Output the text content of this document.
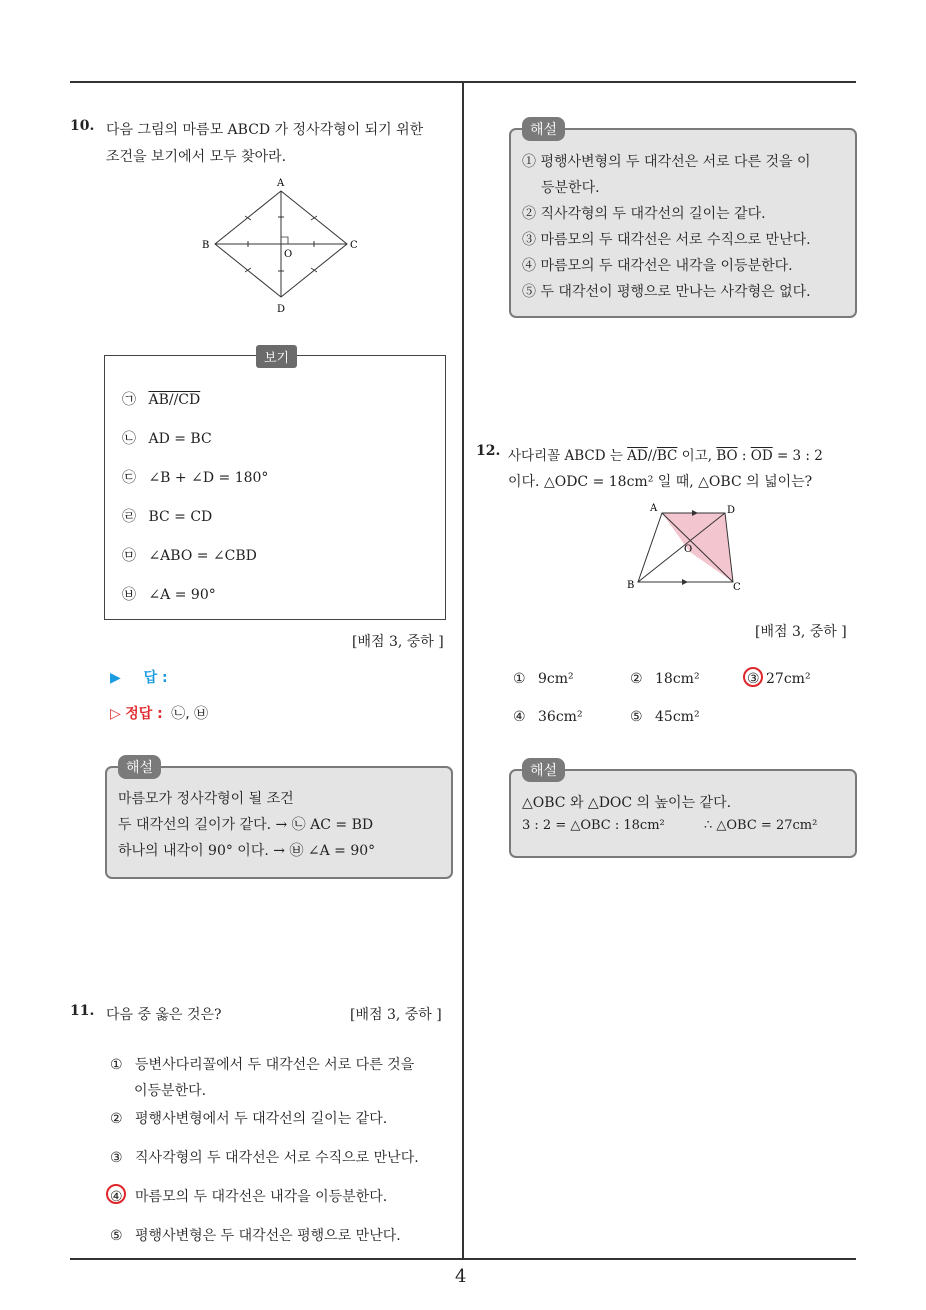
4
10. 다음 그림의 마름모 ABCD 가 정사각형이 되기 위한
조건을 보기에서 모두 찾아라.
A
B	C
D
O
보기
㉠ AB//CD
㉡ AD = BC
㉢ ∠B + ∠D = 180°
㉣ BC = CD
㉤ ∠ABO = ∠CBD
㉥ ∠A = 90°
[배점 3, 중하 ]
▶ 답 :
▷ 정답 : ㉡, ㉥
해설
마름모가 정사각형이 될 조건
두 대각선의 길이가 같다. → ㉡ AC = BD
하나의 내각이 90° 이다. → ㉥ ∠A = 90°
11. 다음 중 옳은 것은?	[배점 3, 중하 ]
① 등변사다리꼴에서 두 대각선은 서로 다른 것을
이등분한다.
② 평행사변형에서 두 대각선의 길이는 같다.
③ 직사각형의 두 대각선은 서로 수직으로 만난다.
④ 마름모의 두 대각선은 내각을 이등분한다.
⑤ 평행사변형은 두 대각선은 평행으로 만난다.
해설
① 평행사변형의 두 대각선은 서로 다른 것을 이
등분한다.
② 직사각형의 두 대각선의 길이는 같다.
③ 마름모의 두 대각선은 서로 수직으로 만난다.
④ 마름모의 두 대각선은 내각을 이등분한다.
⑤ 두 대각선이 평행으로 만나는 사각형은 없다.
12. 사다리꼴 ABCD 는 $\overline{AD}//\overline{BC}$ 이고, $\overline{BO}$ : $\overline{OD} = 3$ : 2
이다. △ODC = 18cm² 일 때, △OBC 의 넓이는?
A	D
B	C
O
[배점 3, 중하 ]
① 9cm²	② 18cm²	③ 27cm²
④ 36cm²	⑤ 45cm²
해설
△OBC 와 △DOC 의 높이는 같다.
3 : 2 = △OBC : 18cm²	∴ △OBC = 27cm²
